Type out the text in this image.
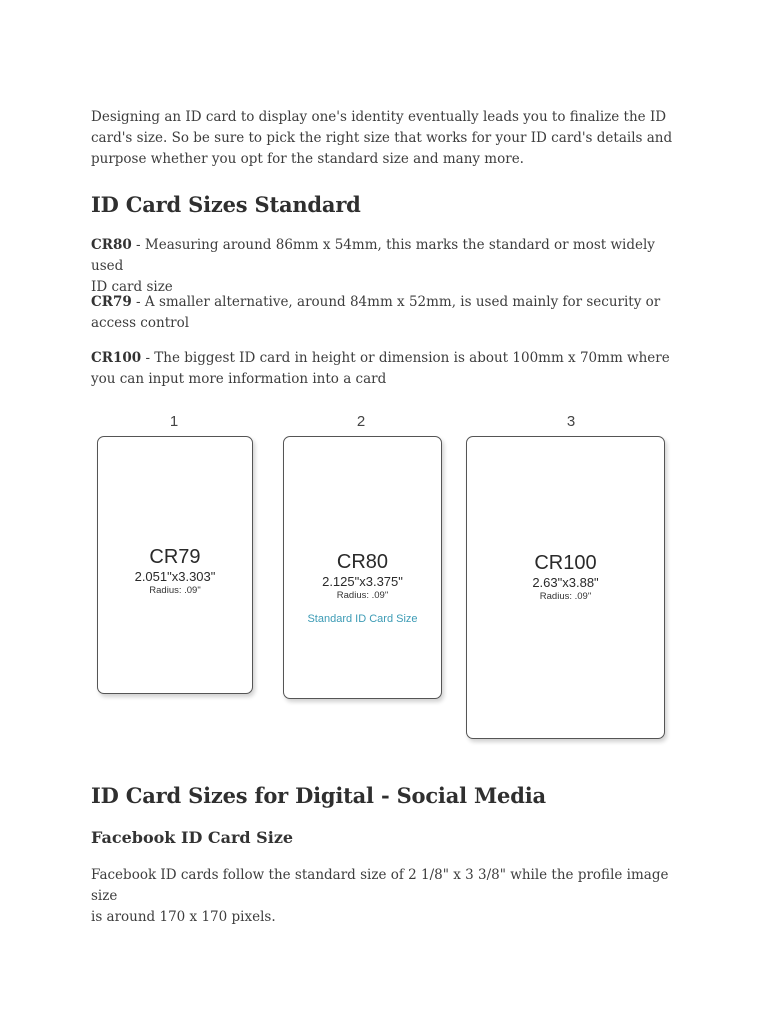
Designing an ID card to display one's identity eventually leads you to finalize the ID
card's size. So be sure to pick the right size that works for your ID card's details and
purpose whether you opt for the standard size and many more.

ID Card Sizes Standard

CR80 - Measuring around 86mm x 54mm, this marks the standard or most widely used
ID card size

CR79 - A smaller alternative, around 84mm x 52mm, is used mainly for security or
access control

CR100 - The biggest ID card in height or dimension is about 100mm x 70mm where
you can input more information into a card

1
CR79
2.051"x3.303"
Radius: .09"
2
CR80
2.125"x3.375"
Radius: .09"
Standard ID Card Size
3
CR100
2.63"x3.88"
Radius: .09"
ID Card Sizes for Digital - Social Media
Facebook ID Card Size

Facebook ID cards follow the standard size of 2 1/8" x 3 3/8" while the profile image size
is around 170 x 170 pixels.
